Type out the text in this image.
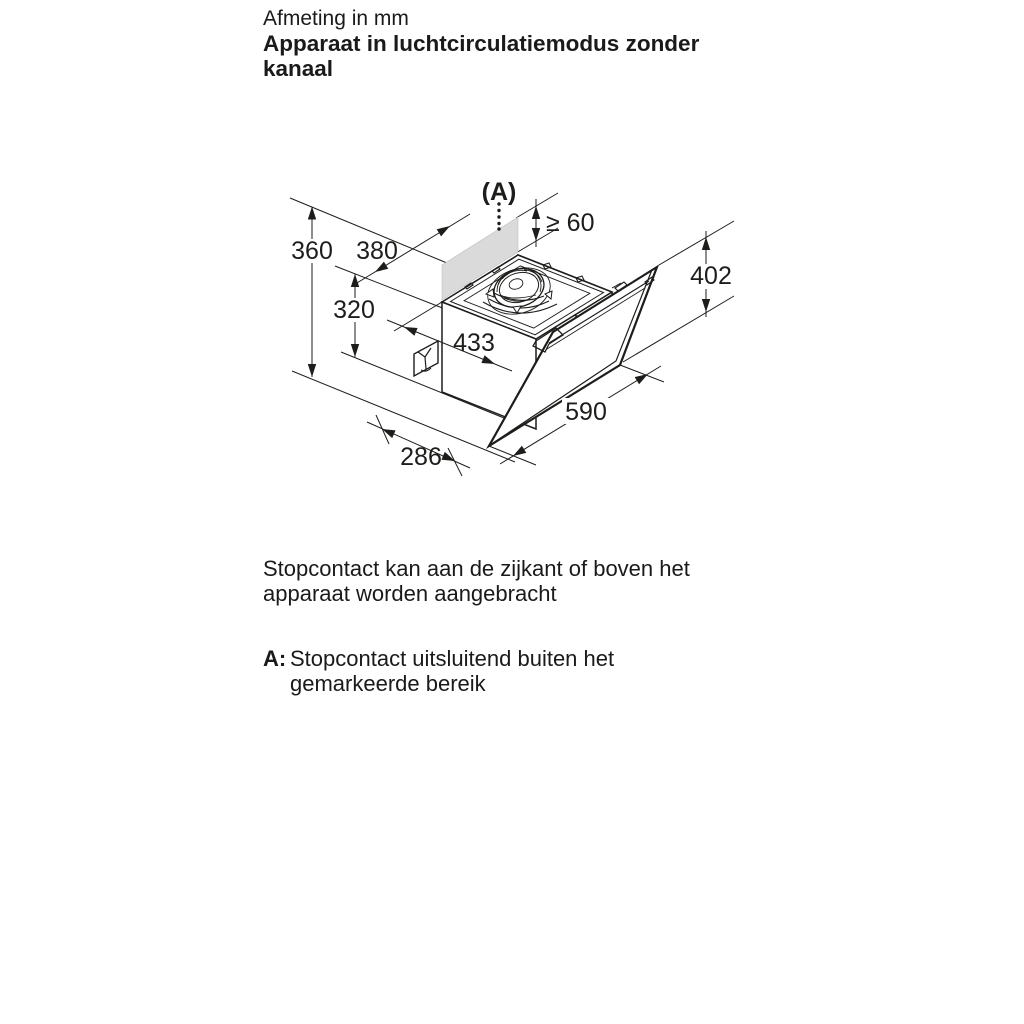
Afmeting in mm
Apparaat in luchtcirculatiemodus zonder
kanaal
360
320
380
≥ 60
402
590
286
433
(A)
Stopcontact kan aan de zijkant of boven het
apparaat worden aangebracht
A: Stopcontact uitsluitend buiten het
gemarkeerde bereik
